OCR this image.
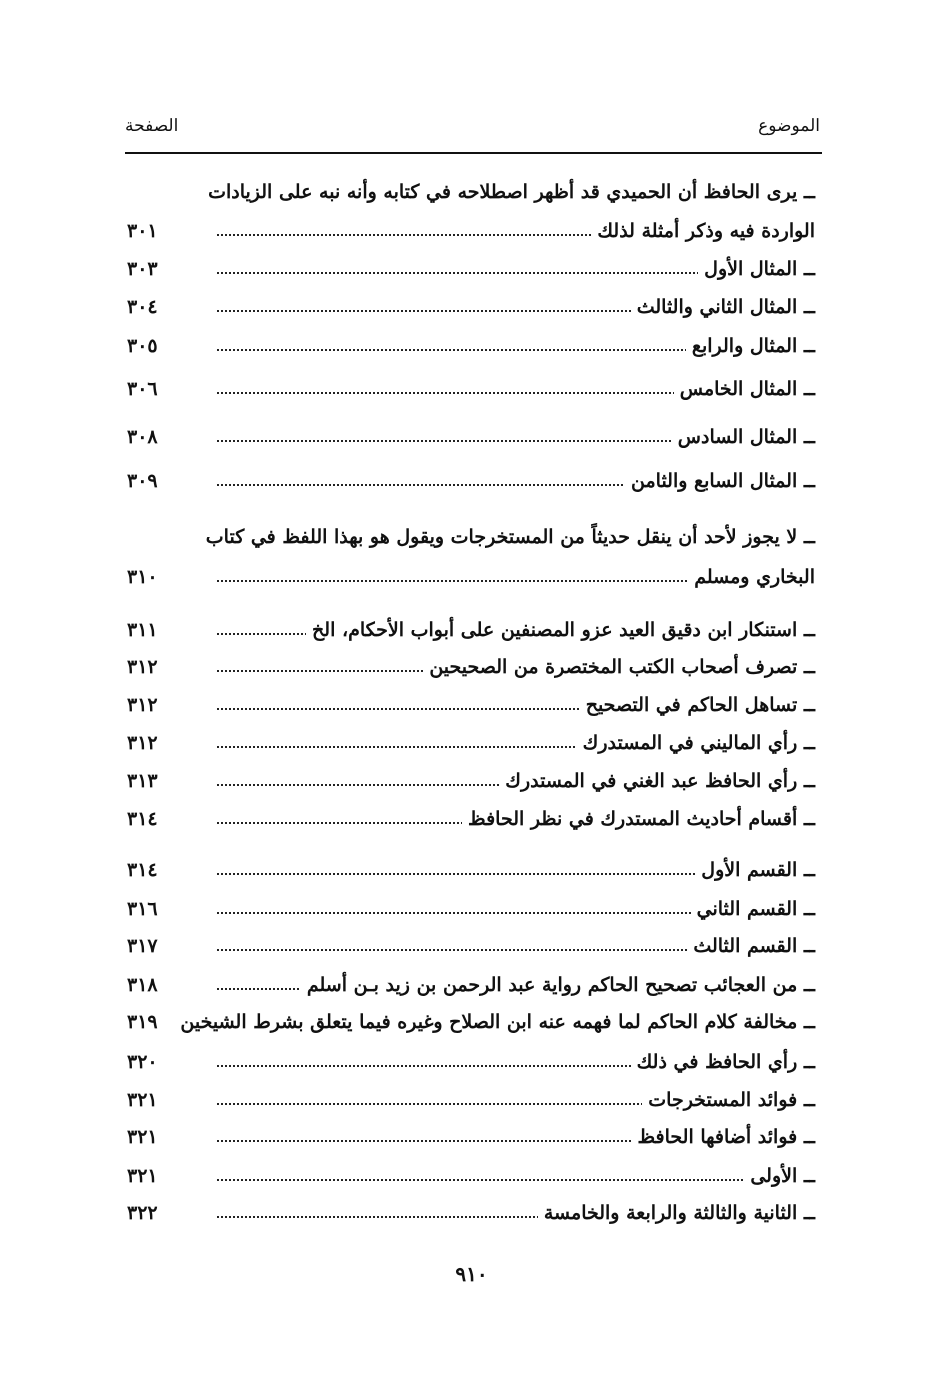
الموضوع
الصفحة
ــ يرى الحافظ أن الحميدي قد أظهر اصطلاحه في كتابه وأنه نبه على الزيادات
الواردة فيه وذكر أمثلة لذلك
٣٠١
ــ المثال الأول
٣٠٣
ــ المثال الثاني والثالث
٣٠٤
ــ المثال والرابع
٣٠٥
ــ المثال الخامس
٣٠٦
ــ المثال السادس
٣٠٨
ــ المثال السابع والثامن
٣٠٩
ــ لا يجوز لأحد أن ينقل حديثاً من المستخرجات ويقول هو بهذا اللفظ في كتاب
البخاري ومسلم
٣١٠
ــ استنكار ابن دقيق العيد عزو المصنفين على أبواب الأحكام، الخ
٣١١
ــ تصرف أصحاب الكتب المختصرة من الصحيحين
٣١٢
ــ تساهل الحاكم في التصحيح
٣١٢
ــ رأي الماليني في المستدرك
٣١٢
ــ رأي الحافظ عبد الغني في المستدرك
٣١٣
ــ أقسام أحاديث المستدرك في نظر الحافظ
٣١٤
ــ القسم الأول
٣١٤
ــ القسم الثاني
٣١٦
ــ القسم الثالث
٣١٧
ــ من العجائب تصحيح الحاكم رواية عبد الرحمن بن زيد بـن أسلم
٣١٨
ــ مخالفة كلام الحاكم لما فهمه عنه ابن الصلاح وغيره فيما يتعلق بشرط الشيخين
٣١٩
ــ رأي الحافظ في ذلك
٣٢٠
ــ فوائد المستخرجات
٣٢١
ــ فوائد أضافها الحافظ
٣٢١
ــ الأولى
٣٢١
ــ الثانية والثالثة والرابعة والخامسة
٣٢٢
٩١٠
